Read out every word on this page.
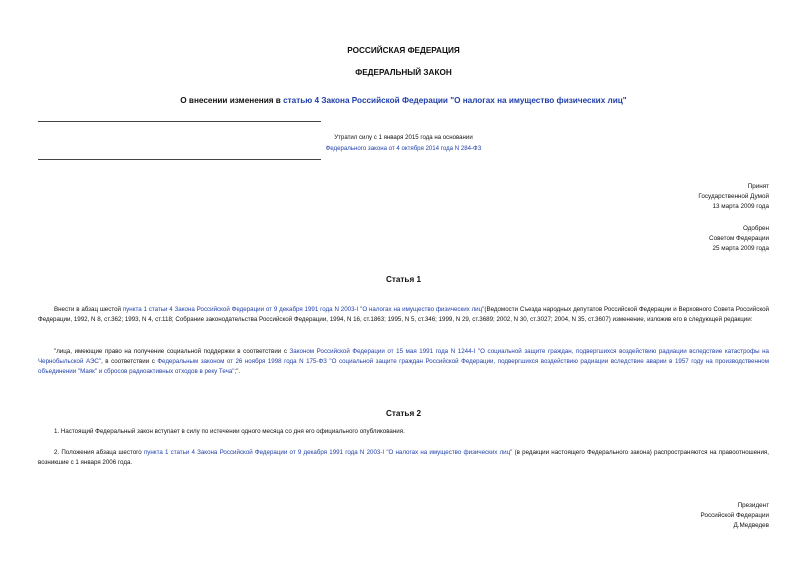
РОССИЙСКАЯ ФЕДЕРАЦИЯ
ФЕДЕРАЛЬНЫЙ ЗАКОН
О внесении изменения в статью 4 Закона Российской Федерации "О налогах на имущество физических лиц"
Утратил силу с 1 января 2015 года на основании
Федерального закона от 4 октября 2014 года N 284-ФЗ
Принят
Государственной Думой
13 марта 2009 года
Одобрен
Советом Федерации
25 марта 2009 года
Статья 1
Внести в абзац шестой пункта 1 статьи 4 Закона Российской Федерации от 9 декабря 1991 года N 2003-I "О налогах на имущество физических лиц"(Ведомости Съезда народных депутатов Российской Федерации и Верховного Совета Российской Федерации, 1992, N 8, ст.362; 1993, N 4, ст.118; Собрание законодательства Российской Федерации, 1994, N 16, ст.1863; 1995, N 5, ст.346; 1999, N 29, ст.3689; 2002, N 30, ст.3027; 2004, N 35, ст.3607) изменение, изложив его в следующей редакции:
"лица, имеющие право на получение социальной поддержки в соответствии с Законом Российской Федерации от 15 мая 1991 года N 1244-I "О социальной защите граждан, подвергшихся воздействию радиации вследствие катастрофы на Чернобыльской АЭС", в соответствии с Федеральным законом от 26 ноября 1998 года N 175-ФЗ "О социальной защите граждан Российской Федерации, подвергшихся воздействию радиации вследствие аварии в 1957 году на производственном объединении "Маяк" и сбросов радиоактивных отходов в реку Теча";".
Статья 2
1. Настоящий Федеральный закон вступает в силу по истечении одного месяца со дня его официального опубликования.
2. Положения абзаца шестого пункта 1 статьи 4 Закона Российской Федерации от 9 декабря 1991 года N 2003-I "О налогах на имущество физических лиц" (в редакции настоящего Федерального закона) распространяются на правоотношения, возникшие с 1 января 2006 года.
Президент
Российской Федерации
Д.Медведев
